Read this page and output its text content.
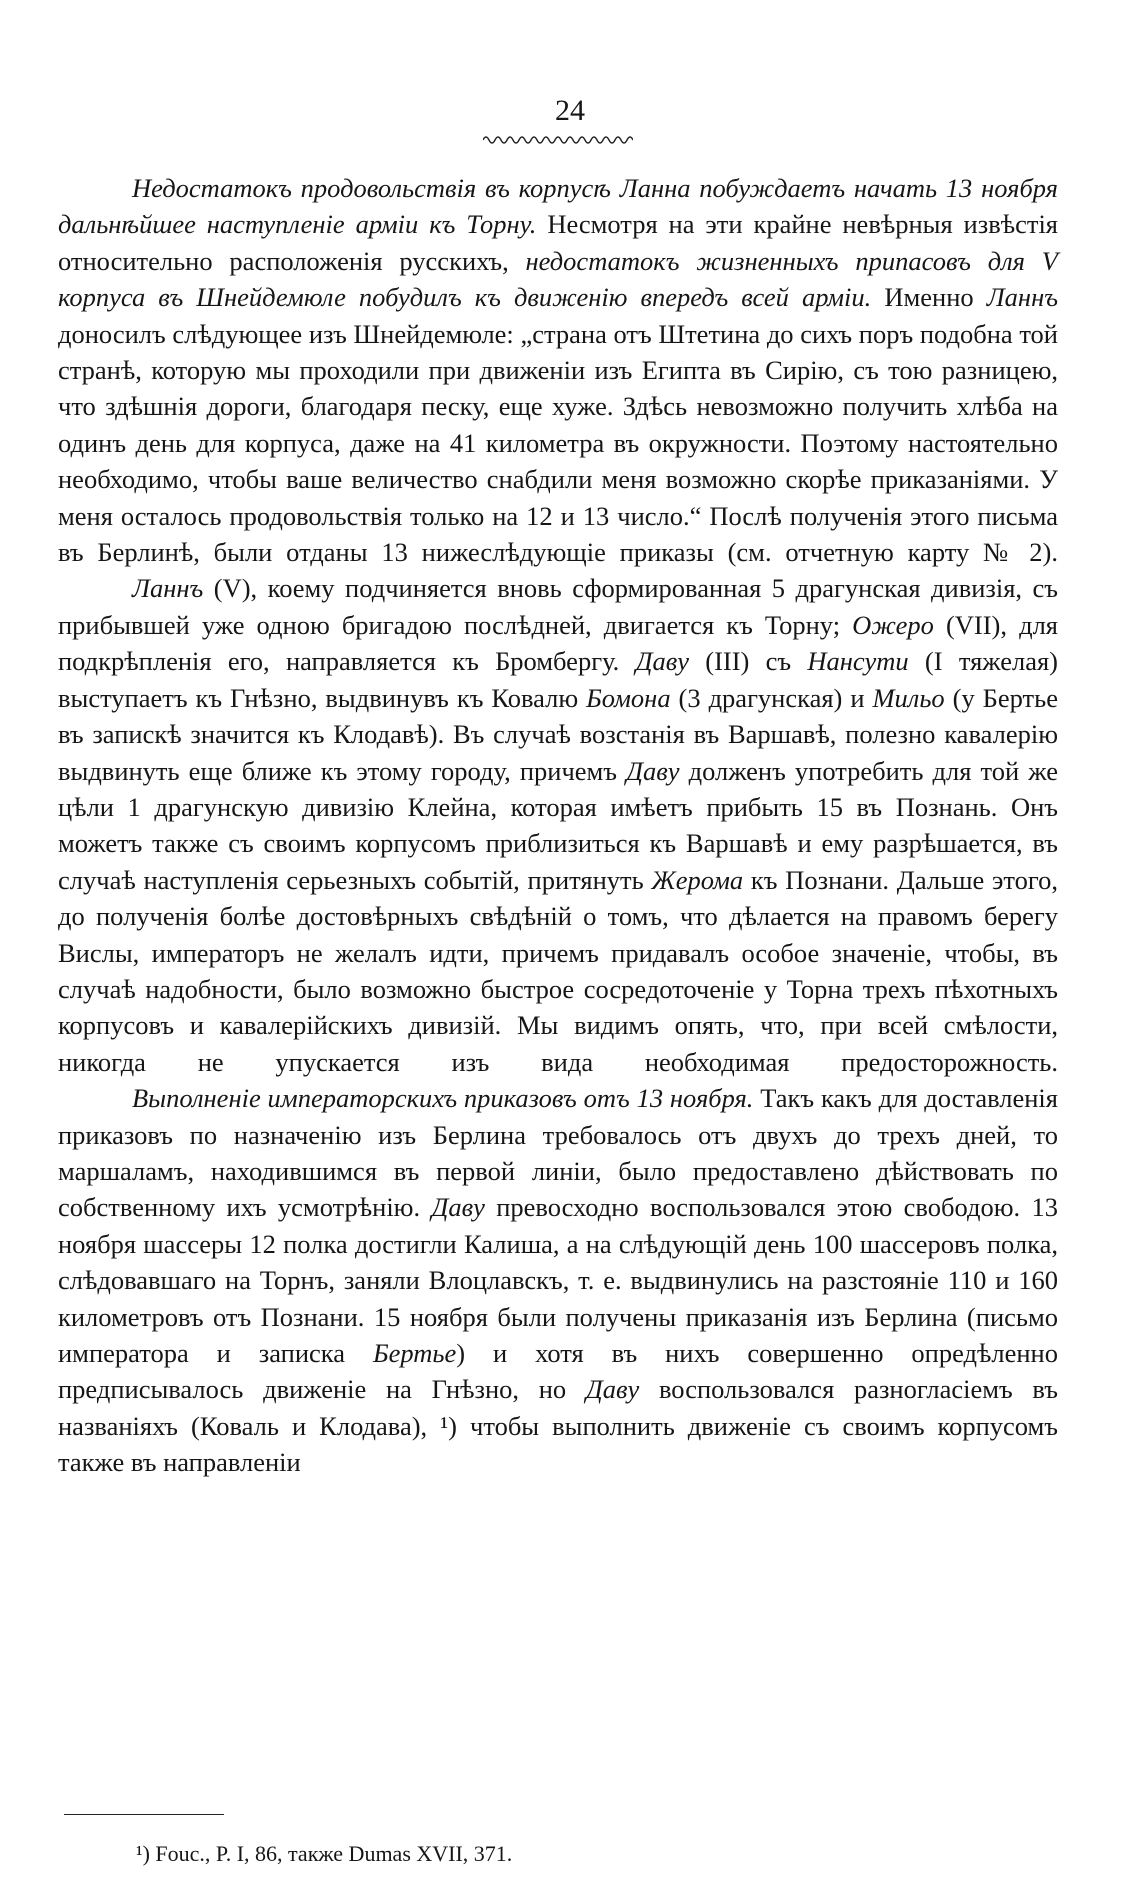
24

Недостатокъ продовольствія въ корпусѣ Ланна побуждаетъ начать 13 ноября дальнѣйшее наступленіе арміи къ Торну. Несмотря на эти крайне невѣрныя извѣстія относительно расположенія русскихъ, недостатокъ жизненныхъ припасовъ для V корпуса въ Шнейдемюле побудилъ къ движенію впередъ всей арміи. Именно Ланнъ доносилъ слѣдующее изъ Шнейдемюле: „страна отъ Штетина до сихъ поръ подобна той странѣ, которую мы проходили при движеніи изъ Египта въ Сирію, съ тою разницею, что здѣшнія дороги, благодаря песку, еще хуже. Здѣсь невозможно получить хлѣба на одинъ день для корпуса, даже на 41 километра въ окружности. Поэтому настоятельно необходимо, чтобы ваше величество снабдили меня возможно скорѣе приказаніями. У меня осталось продовольствія только на 12 и 13 число.“ Послѣ полученія этого письма въ Берлинѣ, были отданы 13 нижеслѣдующіе приказы (см. отчетную карту № 2).

Ланнъ (V), коему подчиняется вновь сформированная 5 драгунская дивизія, съ прибывшей уже одною бригадою послѣдней, двигается къ Торну; Ожеро (VII), для подкрѣпленія его, направляется къ Бромбергу. Даву (III) съ Нансути (I тяжелая) выступаетъ къ Гнѣзно, выдвинувъ къ Ковалю Бомона (3 драгунская) и Мильо (у Бертье въ запискѣ значится къ Клодавѣ). Въ случаѣ возстанія въ Варшавѣ, полезно кавалерію выдвинуть еще ближе къ этому городу, причемъ Даву долженъ употребить для той же цѣли 1 драгунскую дивизію Клейна, которая имѣетъ прибыть 15 въ Познань. Онъ можетъ также съ своимъ корпусомъ приблизиться къ Варшавѣ и ему разрѣшается, въ случаѣ наступленія серьезныхъ событій, притянуть Жерома къ Познани. Дальше этого, до полученія болѣе достовѣрныхъ свѣдѣній о томъ, что дѣлается на правомъ берегу Вислы, императоръ не желалъ идти, причемъ придавалъ особое значеніе, чтобы, въ случаѣ надобности, было возможно быстрое сосредоточеніе у Торна трехъ пѣхотныхъ корпусовъ и кавалерійскихъ дивизій. Мы видимъ опять, что, при всей смѣлости, никогда не упускается изъ вида необходимая предосторожность.

Выполненіе императорскихъ приказовъ отъ 13 ноября. Такъ какъ для доставленія приказовъ по назначенію изъ Берлина требовалось отъ двухъ до трехъ дней, то маршаламъ, находившимся въ первой линіи, было предоставлено дѣйствовать по собственному ихъ усмотрѣнію. Даву превосходно воспользовался этою свободою. 13 ноября шассеры 12 полка достигли Калиша, а на слѣдующій день 100 шассеровъ полка, слѣдовавшаго на Торнъ, заняли Влоцлавскъ, т. е. выдвинулись на разстояніе 110 и 160 километровъ отъ Познани. 15 ноября были получены приказанія изъ Берлина (письмо императора и записка Бертье) и хотя въ нихъ совершенно опредѣленно предписывалось движеніе на Гнѣзно, но Даву воспользовался разногласіемъ въ названіяхъ (Коваль и Клодава), ¹) чтобы выполнить движеніе съ своимъ корпусомъ также въ направленіи

¹) Fouc., P. I, 86, также Dumas XVII, 371.
